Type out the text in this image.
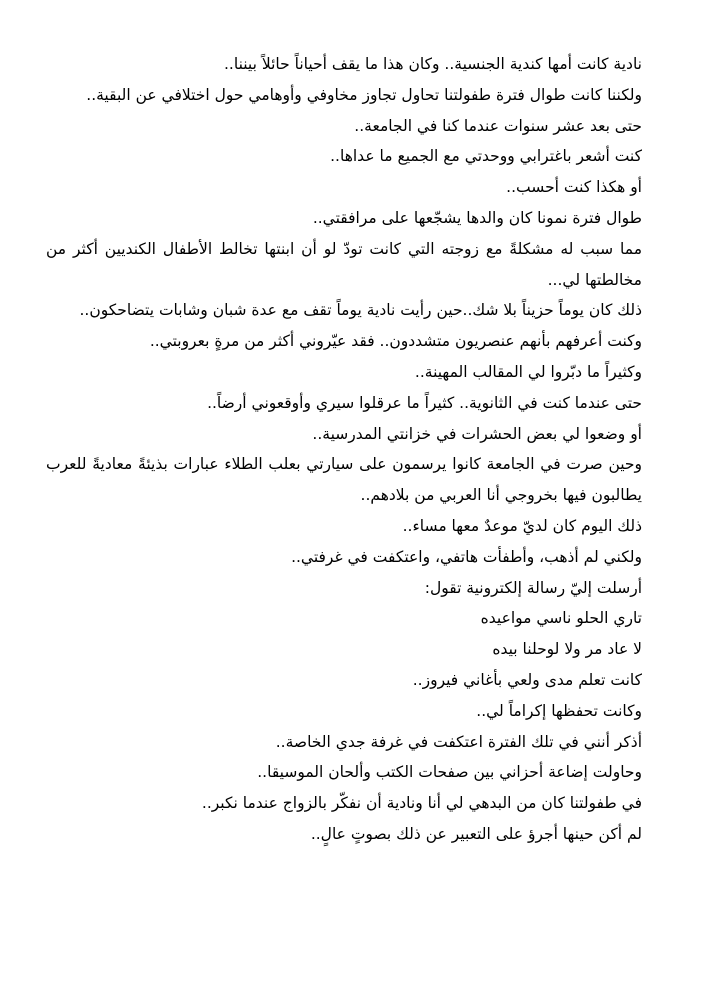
نادية كانت أمها كندية الجنسية.. وكان هذا ما يقف أحياناً حائلاً بيننا..

ولكننا كانت طوال فترة طفولتنا تحاول تجاوز مخاوفي وأوهامي حول اختلافي عن البقية..

حتى بعد عشر سنوات عندما كنا في الجامعة..

كنت أشعر باغترابي ووحدتي مع الجميع ما عداها..

أو هكذا كنت أحسب..

طوال فترة نمونا كان والدها يشجّعها على مرافقتي..

مما سبب له مشكلةً مع زوجته التي كانت تودّ لو أن ابنتها تخالط الأطفال الكنديين أكثر من مخالطتها لي...

ذلك كان يوماً حزيناً بلا شك..حين رأيت نادية يوماً تقف مع عدة شبان وشابات يتضاحكون..

وكنت أعرفهم بأنهم عنصريون متشددون.. فقد عيّروني أكثر من مرةٍ بعروبتي..

وكثيراً ما دبّروا لي المقالب المهينة..

حتى عندما كنت في الثانوية.. كثيراً ما عرقلوا سيري وأوقعوني أرضاً..

أو وضعوا لي بعض الحشرات في خزانتي المدرسية..

وحين صرت في الجامعة كانوا يرسمون على سيارتي بعلب الطلاء عبارات بذيئةً معاديةً للعرب يطالبون فيها بخروجي أنا العربي من بلادهم..

ذلك اليوم كان لديّ موعدٌ معها مساء..

ولكني لم أذهب، وأطفأت هاتفي، واعتكفت في غرفتي..

أرسلت إليّ رسالة إلكترونية تقول:

تاري الحلو ناسي مواعيده

لا عاد مر ولا لوحلنا بيده

كانت تعلم مدى ولعي بأغاني فيروز..

وكانت تحفظها إكراماً لي..

أذكر أنني في تلك الفترة اعتكفت في غرفة جدي الخاصة..

وحاولت إضاعة أحزاني بين صفحات الكتب وألحان الموسيقا..

في طفولتنا كان من البدهي لي أنا ونادية أن نفكّر بالزواج عندما نكبر..

لم أكن حينها أجرؤ على التعبير عن ذلك بصوتٍ عالٍ..
